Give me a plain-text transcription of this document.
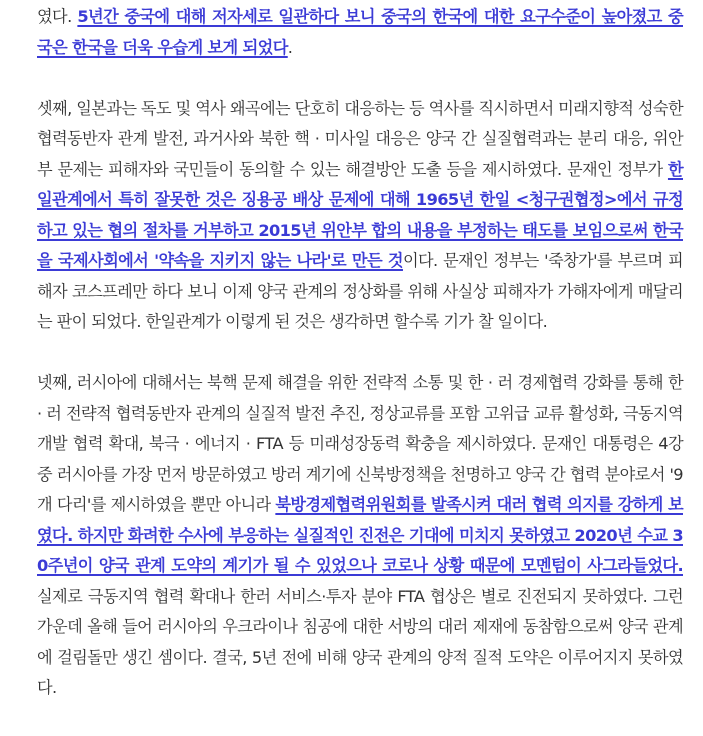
였다. 5년간 중국에 대해 저자세로 일관하다 보니 중국의 한국에 대한 요구수준이 높아졌고 중국은 한국을 더욱 우습게 보게 되었다.

셋째, 일본과는 독도 및 역사 왜곡에는 단호히 대응하는 등 역사를 직시하면서 미래지향적 성숙한 협력동반자 관계 발전, 과거사와 북한 핵 · 미사일 대응은 양국 간 실질협력과는 분리 대응, 위안부 문제는 피해자와 국민들이 동의할 수 있는 해결방안 도출 등을 제시하였다. 문재인 정부가 한일관계에서 특히 잘못한 것은 징용공 배상 문제에 대해 1965년 한일 <청구권협정>에서 규정하고 있는 협의 절차를 거부하고 2015년 위안부 합의 내용을 부정하는 태도를 보임으로써 한국을 국제사회에서 '약속을 지키지 않는 나라'로 만든 것이다. 문재인 정부는 '죽창가'를 부르며 피해자 코스프레만 하다 보니 이제 양국 관계의 정상화를 위해 사실상 피해자가 가해자에게 매달리는 판이 되었다. 한일관계가 이렇게 된 것은 생각하면 할수록 기가 찰 일이다.

넷째, 러시아에 대해서는 북핵 문제 해결을 위한 전략적 소통 및 한 · 러 경제협력 강화를 통해 한 · 러 전략적 협력동반자 관계의 실질적 발전 추진, 정상교류를 포함 고위급 교류 활성화, 극동지역 개발 협력 확대, 북극 · 에너지 · FTA 등 미래성장동력 확충을 제시하였다. 문재인 대통령은 4강 중 러시아를 가장 먼저 방문하였고 방러 계기에 신북방정책을 천명하고 양국 간 협력 분야로서 '9개 다리'를 제시하였을 뿐만 아니라 북방경제협력위원회를 발족시켜 대러 협력 의지를 강하게 보였다. 하지만 화려한 수사에 부응하는 실질적인 진전은 기대에 미치지 못하였고 2020년 수교 30주년이 양국 관계 도약의 계기가 될 수 있었으나 코로나 상황 때문에 모멘텀이 사그라들었다. 실제로 극동지역 협력 확대나 한러 서비스·투자 분야 FTA 협상은 별로 진전되지 못하였다. 그런 가운데 올해 들어 러시아의 우크라이나 침공에 대한 서방의 대러 제재에 동참함으로써 양국 관계에 걸림돌만 생긴 셈이다. 결국, 5년 전에 비해 양국 관계의 양적 질적 도약은 이루어지지 못하였다.
